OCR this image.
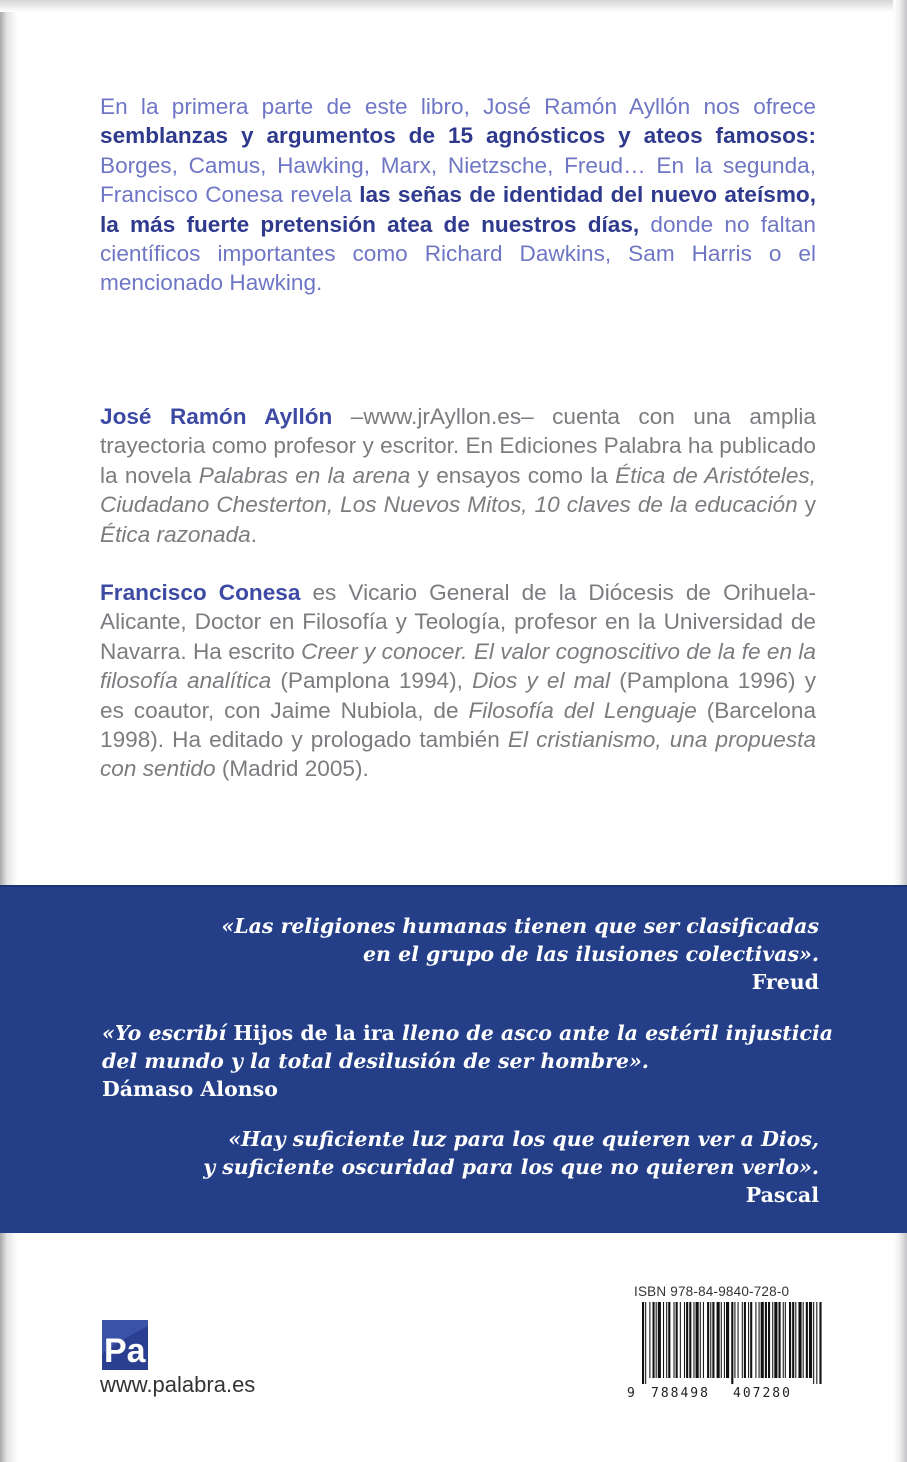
En la primera parte de este libro, José Ramón Ayllón nos ofrece semblanzas y argumentos de 15 agnósticos y ateos famosos: Borges, Camus, Hawking, Marx, Nietzsche, Freud… En la segunda, Francisco Conesa revela las señas de identidad del nuevo ateísmo, la más fuerte pretensión atea de nuestros días, donde no faltan científicos importantes como Richard Dawkins, Sam Harris o el mencionado Hawking.

José Ramón Ayllón –www.jrAyllon.es– cuenta con una amplia trayectoria como profesor y escritor. En Ediciones Palabra ha publicado la novela Palabras en la arena y ensayos como la Ética de Aristóteles, Ciudadano Chesterton, Los Nuevos Mitos, 10 claves de la educación y Ética razonada.

Francisco Conesa es Vicario General de la Diócesis de Orihuela-Alicante, Doctor en Filosofía y Teología, profesor en la Universidad de Navarra. Ha escrito Creer y conocer. El valor cognoscitivo de la fe en la filosofía analítica (Pamplona 1994), Dios y el mal (Pamplona 1996) y es coautor, con Jaime Nubiola, de Filosofía del Lenguaje (Barcelona 1998). Ha editado y prologado también El cristianismo, una propuesta con sentido (Madrid 2005).

«Las religiones humanas tienen que ser clasificadas
en el grupo de las ilusiones colectivas».
Freud

«Yo escribí Hijos de la ira lleno de asco ante la estéril injusticia
del mundo y la total desilusión de ser hombre».
Dámaso Alonso

«Hay suficiente luz para los que quieren ver a Dios,
y suficiente oscuridad para los que no quieren verlo».
Pascal

Pa

www.palabra.es

ISBN 978-84-9840-728-0

9 788498 407280
